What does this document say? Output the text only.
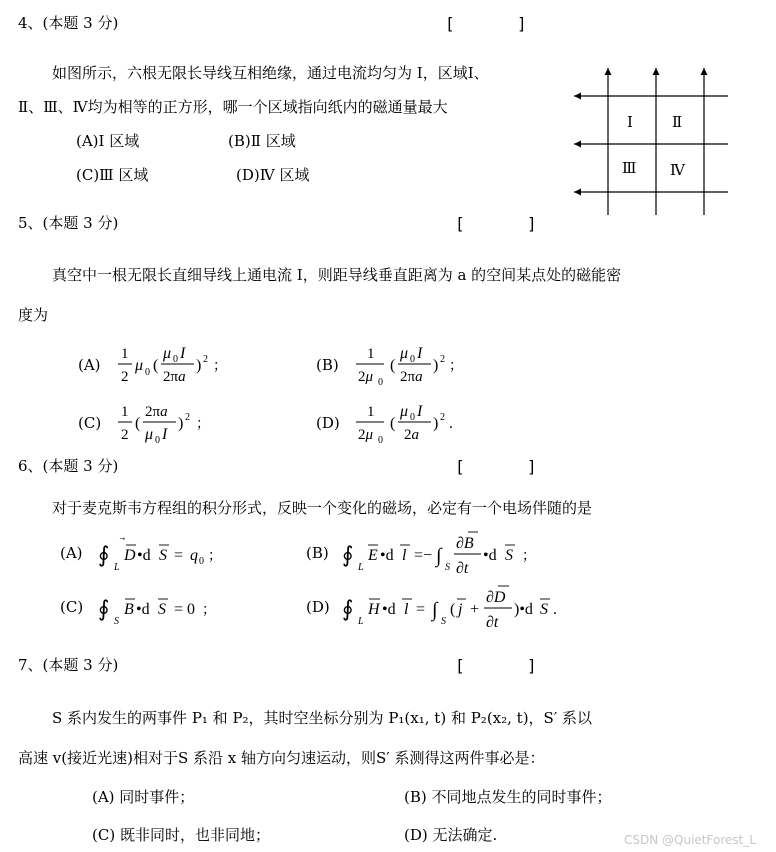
4、(本题 3 分)	[	]
如图所示，六根无限长导线互相绝缘，通过电流均匀为 I，区域Ⅰ、
Ⅱ、Ⅲ、Ⅳ均为相等的正方形，哪一个区域指向纸内的磁通量最大
(A)Ⅰ 区域	(B)Ⅱ 区域
(C)Ⅲ 区域	(D)Ⅳ 区域
Ⅰ	Ⅱ
Ⅲ Ⅳ
5、(本题 3 分)	[	]
真空中一根无限长直细导线上通电流 I，则距导线垂直距离为 a 的空间某点处的磁能密
度为
(A)
1
2
μ 0 (
μ 0 I
2πa
) 2 ；	(B)
1
2μ 0
(
μ 0 I
2πa
) 2 ；
(C)
1
2
(
2πa
μ 0 I
) 2 ；	(D)
1
2μ 0
(
μ 0 I
2a
) 2 .
6、(本题 3 分)	[	]
对于麦克斯韦方程组的积分形式，反映一个变化的磁场，必定有一个电场伴随的是
(A) ∮
L
D •d S = q 0 ；	(B) ∮
L
E •d l =− ∫
S
∂B
∂t
•d S ；
(C) ∮
S
B •d S = 0 ；	(D) ∮
L
H •d l = ∫
S
( j +
∂D
∂t
)•d S .
7、(本题 3 分)	[	]
S 系内发生的两事件 P₁ 和 P₂，其时空坐标分别为 P₁(x₁, t) 和 P₂(x₂, t)，S′ 系以
高速 v(接近光速)相对于S 系沿 x 轴方向匀速运动，则S′ 系测得这两件事必是：
(A) 同时事件；	(B) 不同地点发生的同时事件；
(C) 既非同时，也非同地；	(D) 无法确定.	CSDN @QuietForest_L
